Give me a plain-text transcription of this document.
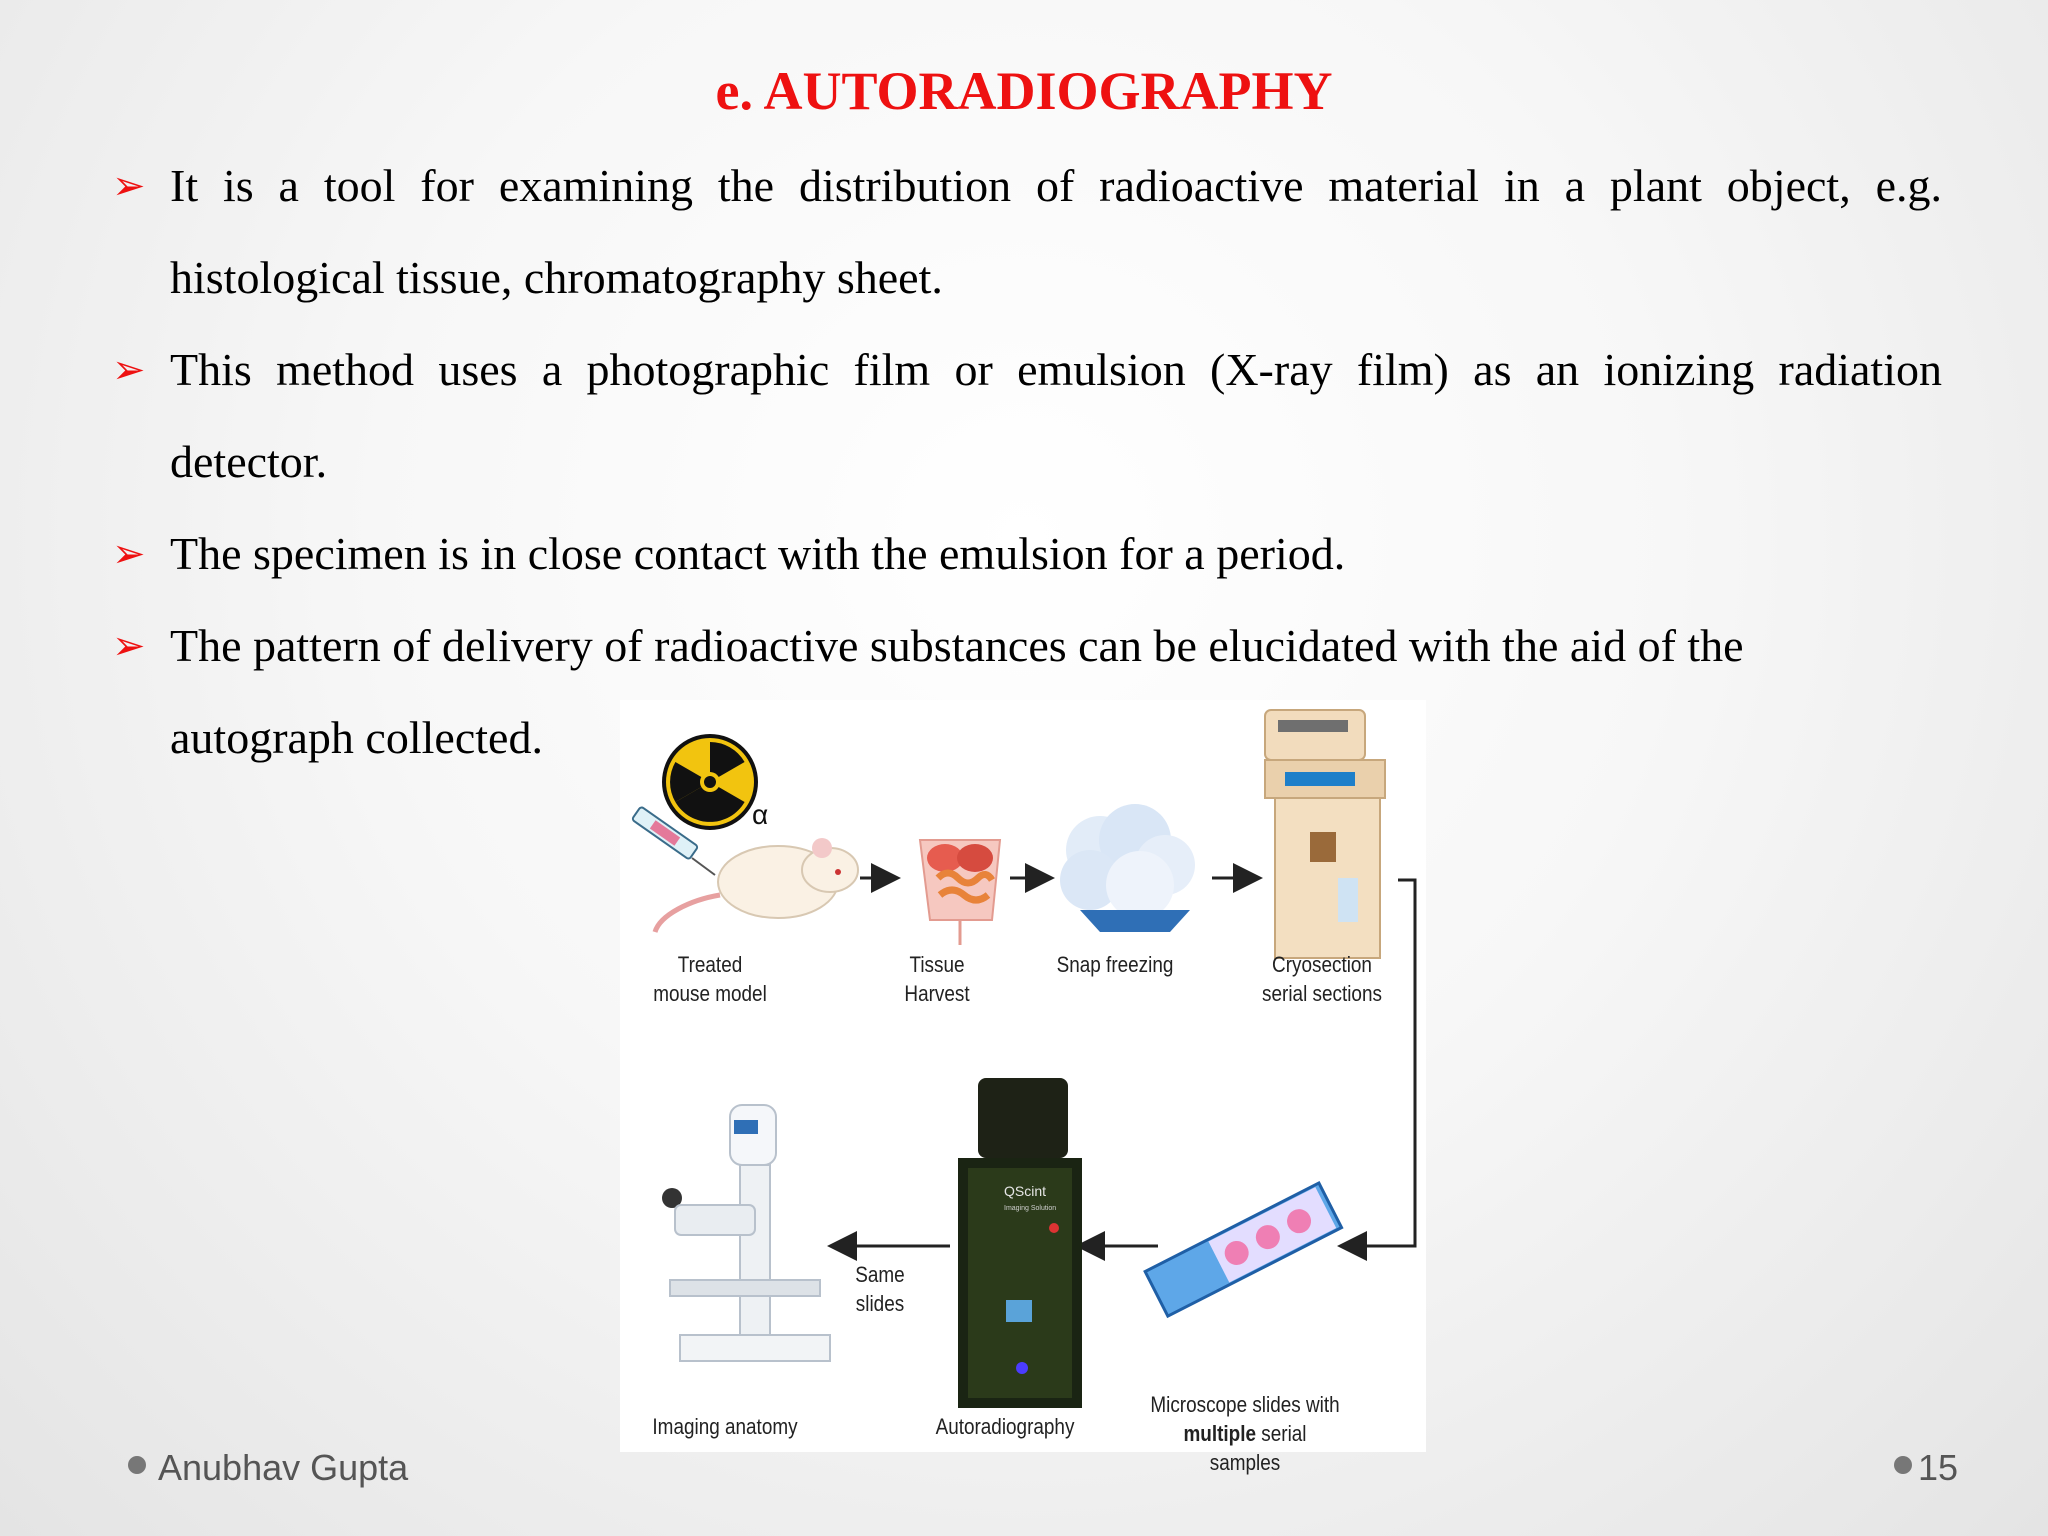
e. AUTORADIOGRAPHY

➢ It is a tool for examining the distribution of radioactive material in a plant object, e.g. histological tissue, chromatography sheet.

➢ This method uses a photographic film or emulsion (X-ray film) as an ionizing radiation detector.

➢ The specimen is in close contact with the emulsion for a period.

➢ The pattern of delivery of radioactive substances can be elucidated with the aid of the

autograph collected.

α
QScint
Imaging Solution
Treated
mouse model
Tissue
Harvest
Snap freezing	Cryosection
serial sections
Same
slides
Imaging anatomy	Autoradiography
Microscope slides with
multiple serial samples
Anubhav Gupta	15
